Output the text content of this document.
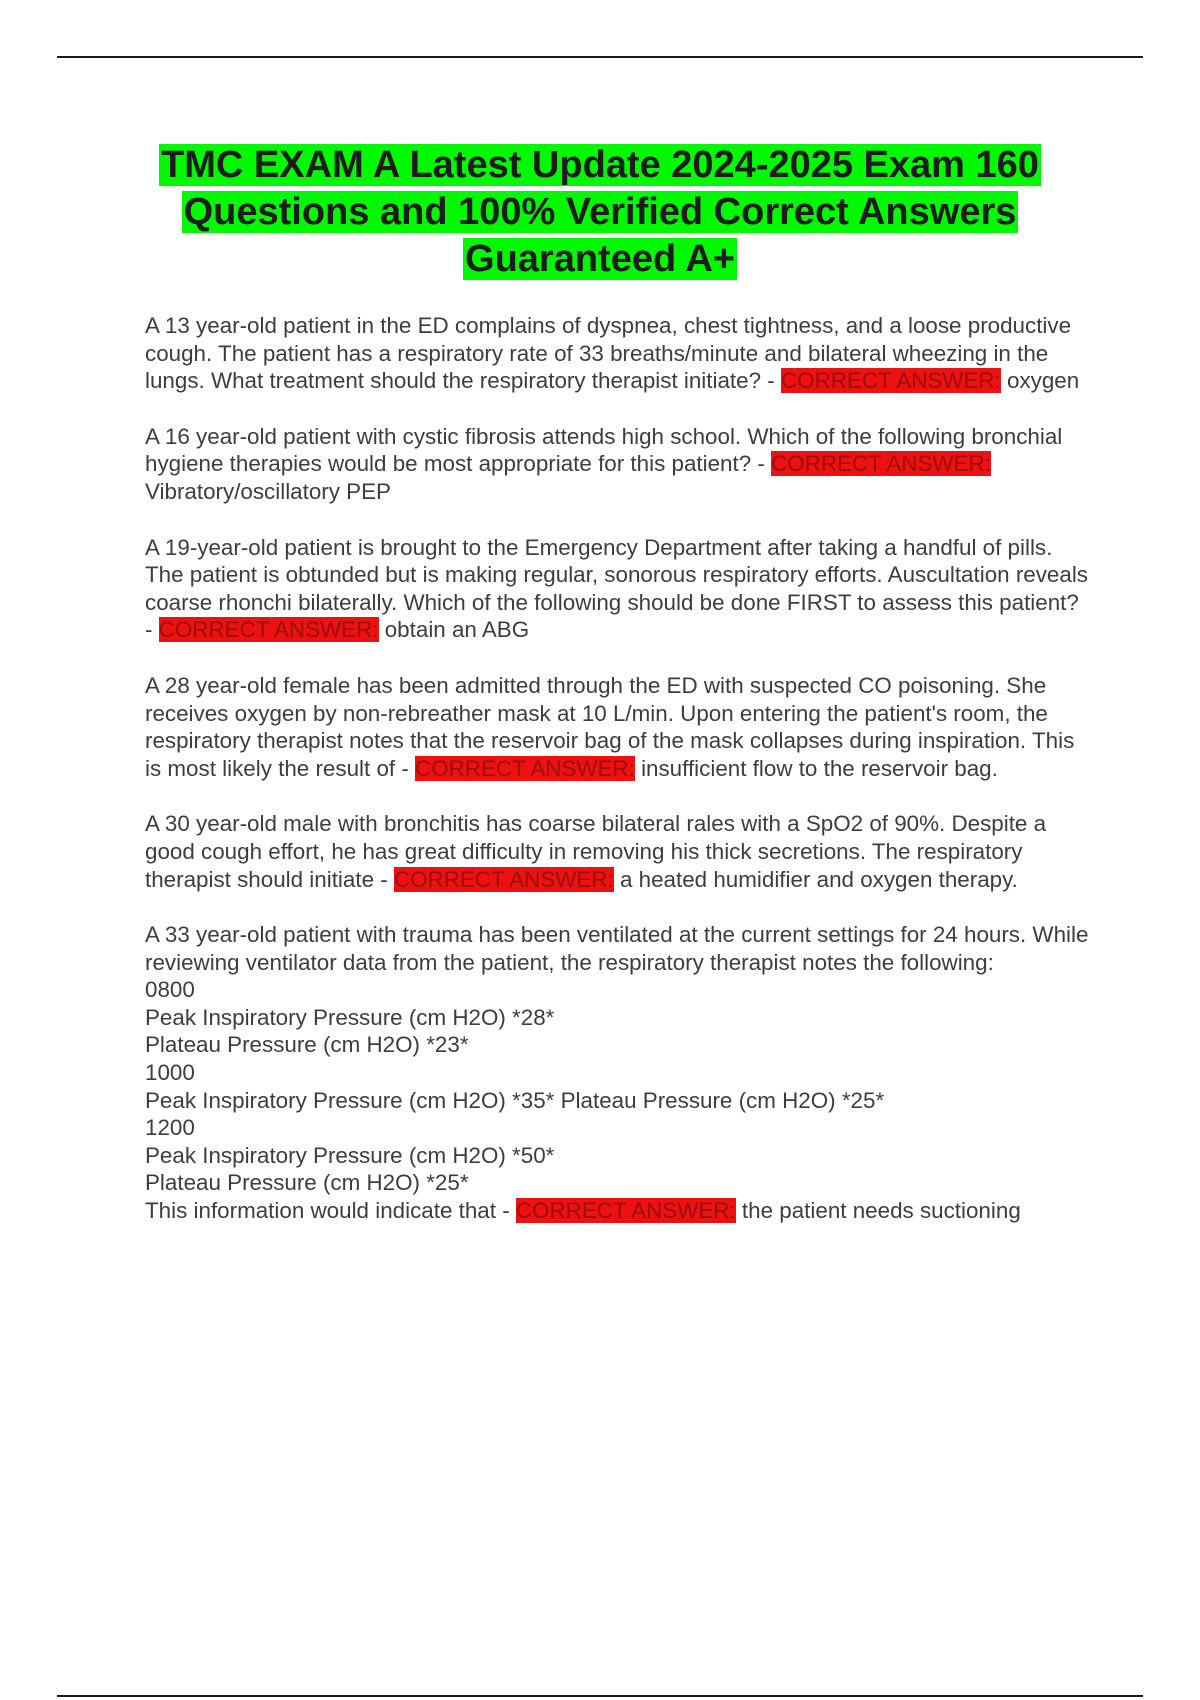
TMC EXAM A Latest Update 2024-2025 Exam 160 Questions and 100% Verified Correct Answers Guaranteed A+

A 13 year-old patient in the ED complains of dyspnea, chest tightness, and a loose productive cough. The patient has a respiratory rate of 33 breaths/minute and bilateral wheezing in the lungs. What treatment should the respiratory therapist initiate? - CORRECT ANSWER: oxygen

A 16 year-old patient with cystic fibrosis attends high school. Which of the following bronchial hygiene therapies would be most appropriate for this patient? - CORRECT ANSWER: Vibratory/oscillatory PEP

A 19-year-old patient is brought to the Emergency Department after taking a handful of pills. The patient is obtunded but is making regular, sonorous respiratory efforts. Auscultation reveals coarse rhonchi bilaterally. Which of the following should be done FIRST to assess this patient? - CORRECT ANSWER: obtain an ABG

A 28 year-old female has been admitted through the ED with suspected CO poisoning. She receives oxygen by non-rebreather mask at 10 L/min. Upon entering the patient's room, the respiratory therapist notes that the reservoir bag of the mask collapses during inspiration. This is most likely the result of - CORRECT ANSWER: insufficient flow to the reservoir bag.

A 30 year-old male with bronchitis has coarse bilateral rales with a SpO2 of 90%. Despite a good cough effort, he has great difficulty in removing his thick secretions. The respiratory therapist should initiate - CORRECT ANSWER: a heated humidifier and oxygen therapy.

A 33 year-old patient with trauma has been ventilated at the current settings for 24 hours. While reviewing ventilator data from the patient, the respiratory therapist notes the following:
0800
Peak Inspiratory Pressure (cm H2O) *28*
Plateau Pressure (cm H2O) *23*
1000
Peak Inspiratory Pressure (cm H2O) *35* Plateau Pressure (cm H2O) *25*
1200
Peak Inspiratory Pressure (cm H2O) *50*
Plateau Pressure (cm H2O) *25*
This information would indicate that - CORRECT ANSWER: the patient needs suctioning
